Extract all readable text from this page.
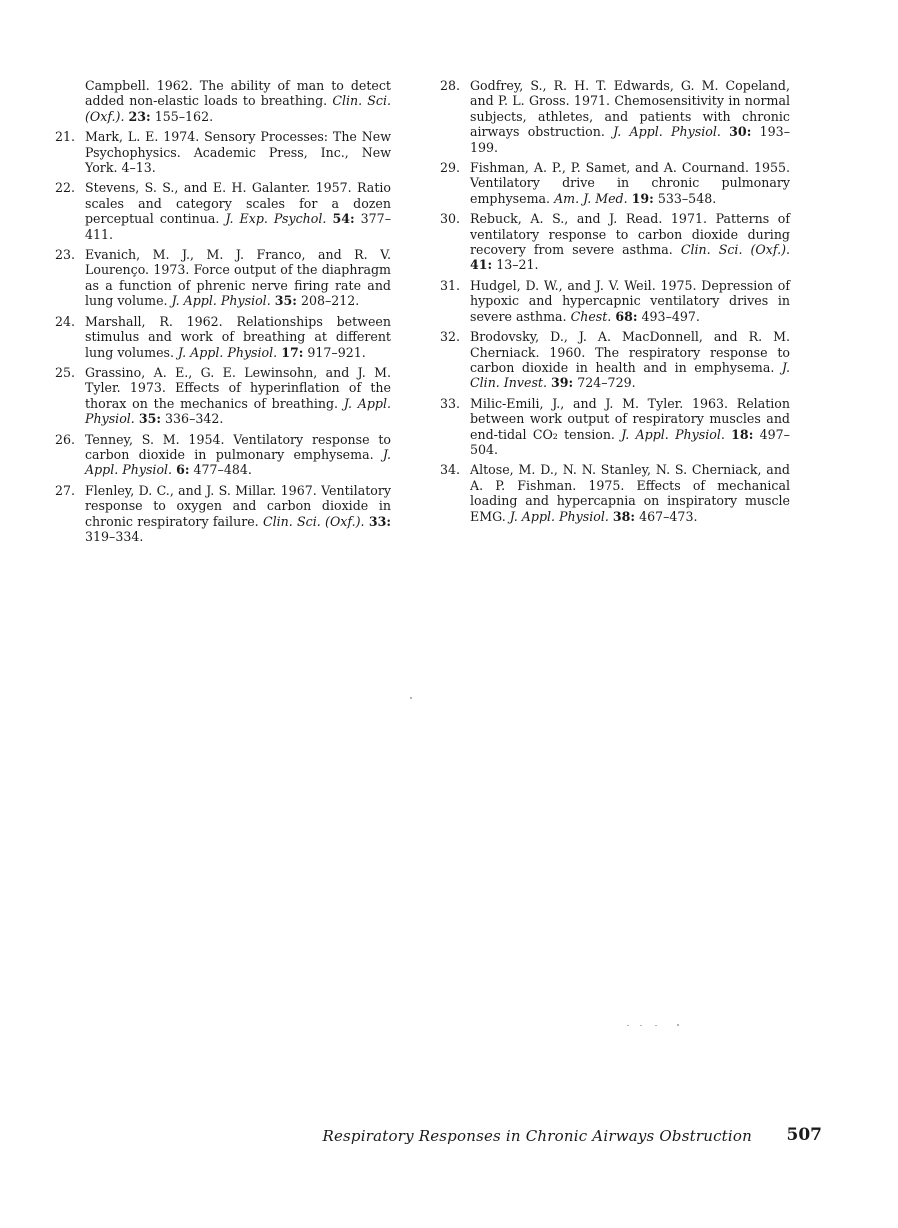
Campbell. 1962. The ability of man to detect added non-elastic loads to breathing. Clin. Sci. (Oxf.). 23: 155–162.
21. Mark, L. E. 1974. Sensory Processes: The New Psychophysics. Academic Press, Inc., New York. 4–13.
22. Stevens, S. S., and E. H. Galanter. 1957. Ratio scales and category scales for a dozen perceptual continua. J. Exp. Psychol. 54: 377–411.
23. Evanich, M. J., M. J. Franco, and R. V. Lourenço. 1973. Force output of the diaphragm as a function of phrenic nerve firing rate and lung volume. J. Appl. Physiol. 35: 208–212.
24. Marshall, R. 1962. Relationships between stimulus and work of breathing at different lung volumes. J. Appl. Physiol. 17: 917–921.
25. Grassino, A. E., G. E. Lewinsohn, and J. M. Tyler. 1973. Effects of hyperinflation of the thorax on the mechanics of breathing. J. Appl. Physiol. 35: 336–342.
26. Tenney, S. M. 1954. Ventilatory response to carbon dioxide in pulmonary emphysema. J. Appl. Physiol. 6: 477–484.
27. Flenley, D. C., and J. S. Millar. 1967. Ventilatory response to oxygen and carbon dioxide in chronic respiratory failure. Clin. Sci. (Oxf.). 33: 319–334.
28. Godfrey, S., R. H. T. Edwards, G. M. Copeland, and P. L. Gross. 1971. Chemosensitivity in normal subjects, athletes, and patients with chronic airways obstruction. J. Appl. Physiol. 30: 193–199.
29. Fishman, A. P., P. Samet, and A. Cournand. 1955. Ventilatory drive in chronic pulmonary emphysema. Am. J. Med. 19: 533–548.
30. Rebuck, A. S., and J. Read. 1971. Patterns of ventilatory response to carbon dioxide during recovery from severe asthma. Clin. Sci. (Oxf.). 41: 13–21.
31. Hudgel, D. W., and J. V. Weil. 1975. Depression of hypoxic and hypercapnic ventilatory drives in severe asthma. Chest. 68: 493–497.
32. Brodovsky, D., J. A. MacDonnell, and R. M. Cherniack. 1960. The respiratory response to carbon dioxide in health and in emphysema. J. Clin. Invest. 39: 724–729.
33. Milic-Emili, J., and J. M. Tyler. 1963. Relation between work output of respiratory muscles and end-tidal CO₂ tension. J. Appl. Physiol. 18: 497–504.
34. Altose, M. D., N. N. Stanley, N. S. Cherniack, and A. P. Fishman. 1975. Effects of mechanical loading and hypercapnia on inspiratory muscle EMG. J. Appl. Physiol. 38: 467–473.
Respiratory Responses in Chronic Airways Obstruction 507
